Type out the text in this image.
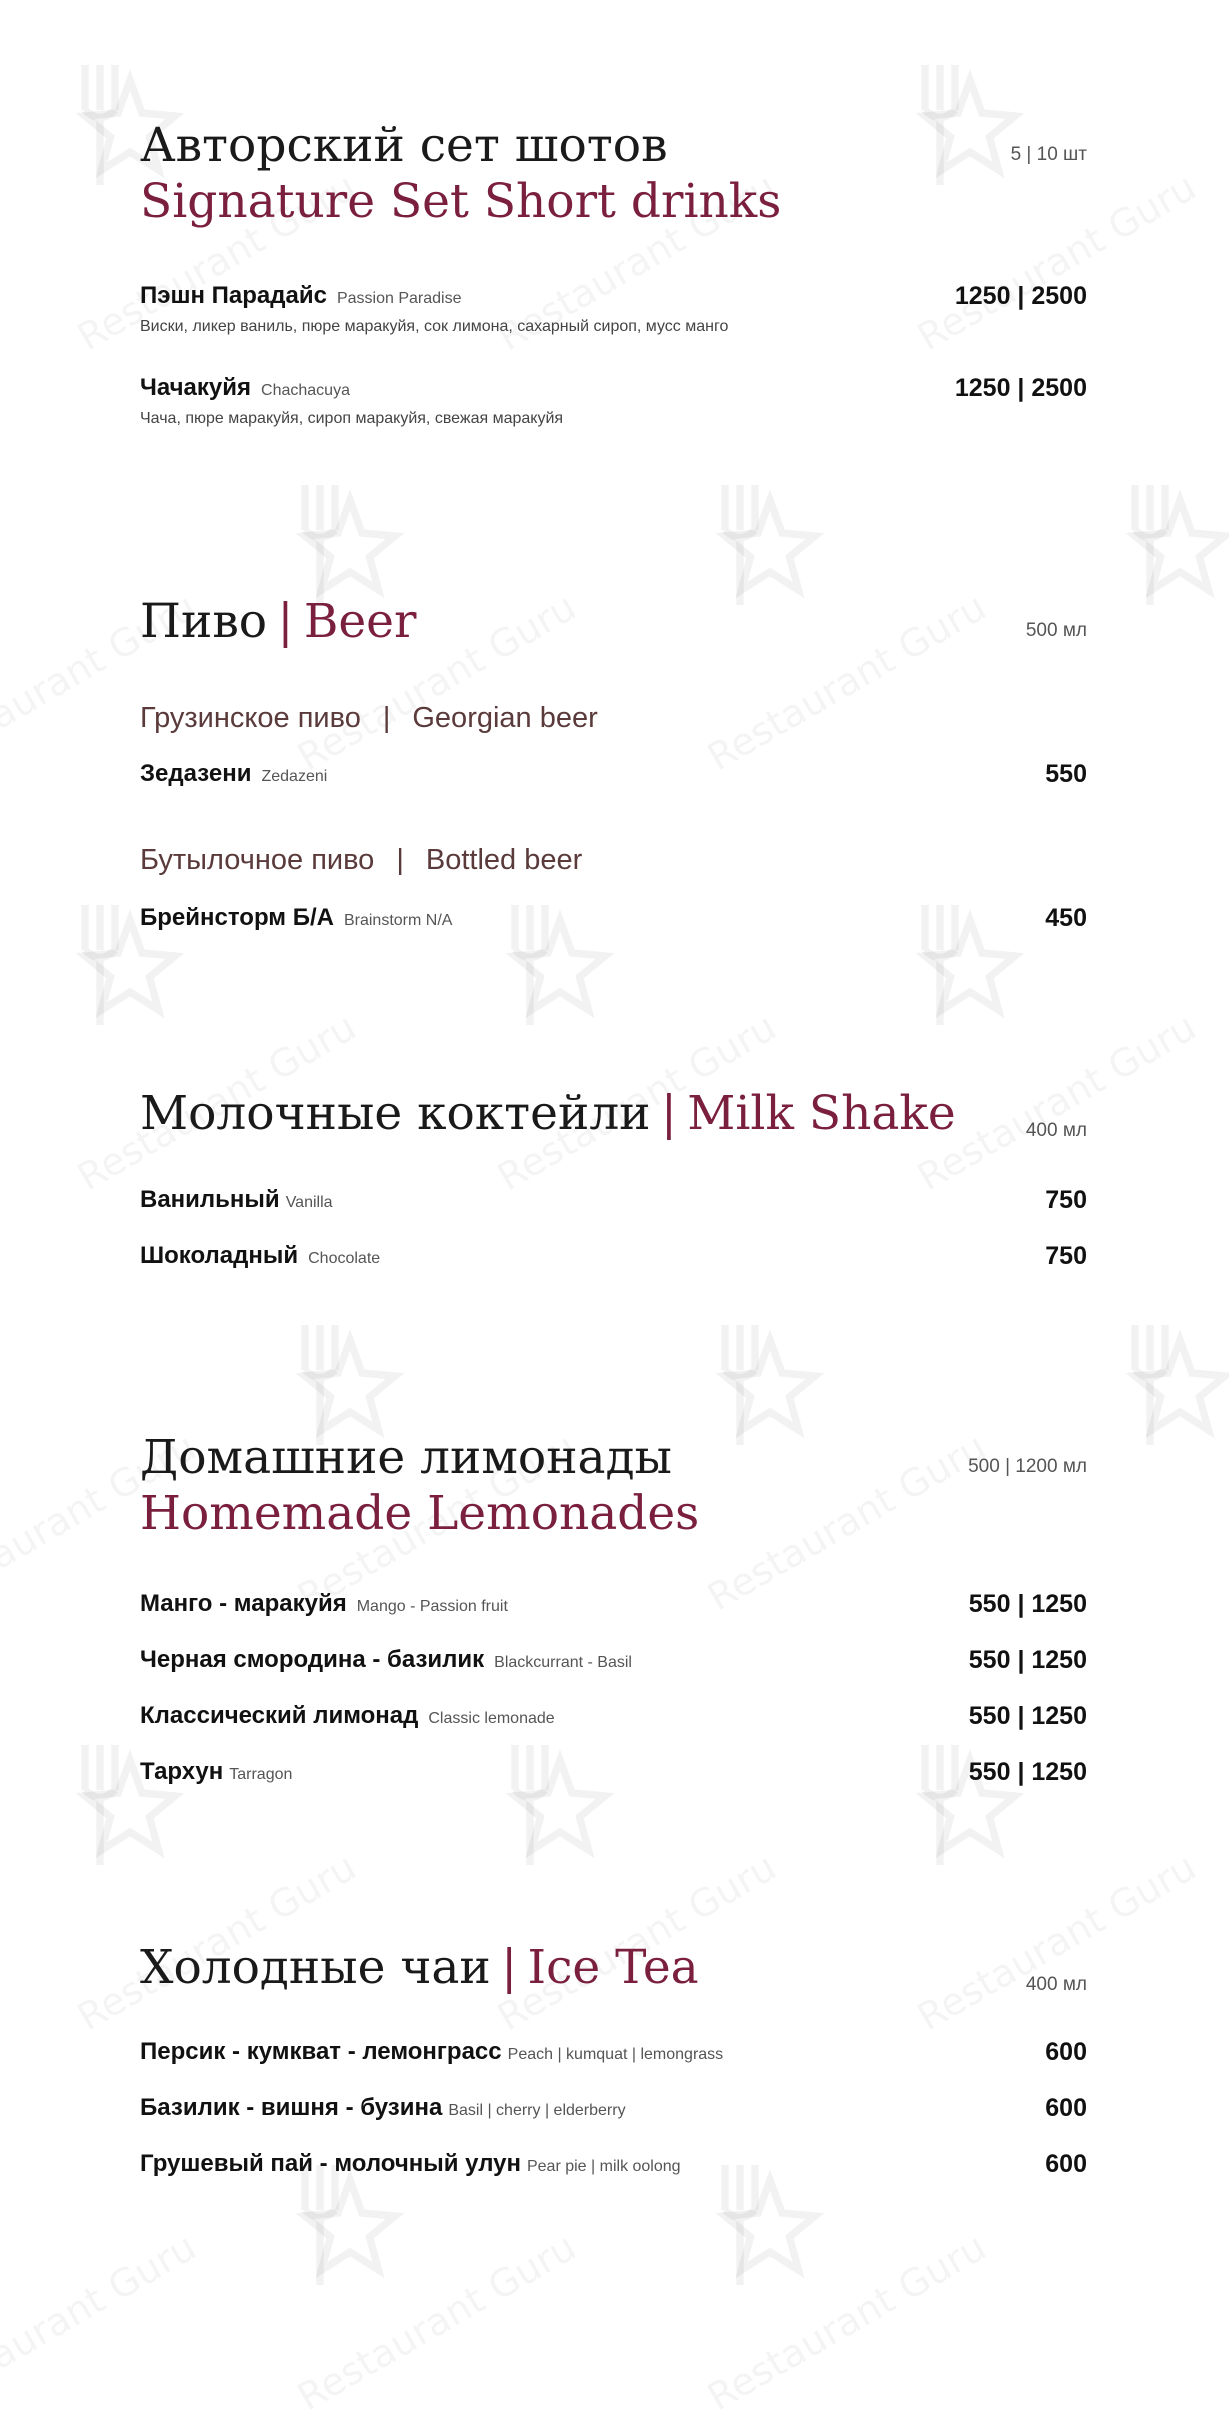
Авторский сет шотов
Signature Set Short drinks
5 | 10 шт
Пэшн Парадайс Passion Paradise	1250 | 2500
Виски, ликер ваниль, пюре маракуйя, сок лимона, сахарный сироп, мусс манго
Чачакуйя Chachacuya	1250 | 2500
Чача, пюре маракуйя, сироп маракуйя, свежая маракуйя
Пиво | Beer	500 мл
Грузинское пиво | Georgian beer
Зедазени Zedazeni	550
Бутылочное пиво | Bottled beer
Брейнсторм Б/А Brainstorm N/A	450
Молочные коктейли | Milk Shake	400 мл
Ванильный Vanilla	750
Шоколадный Chocolate	750
Домашние лимонады
Homemade Lemonades
500 | 1200 мл
Манго - маракуйя Mango - Passion fruit	550 | 1250
Черная смородина - базилик Blackcurrant - Basil	550 | 1250
Классический лимонад Classic lemonade	550 | 1250
Тархун Tarragon	550 | 1250
Холодные чаи | Ice Tea	400 мл
Персик - кумкват - лемонграсс Peach | kumquat | lemongrass	600
Базилик - вишня - бузина Basil | cherry | elderberry	600
Грушевый пай - молочный улун Pear pie | milk oolong	600
